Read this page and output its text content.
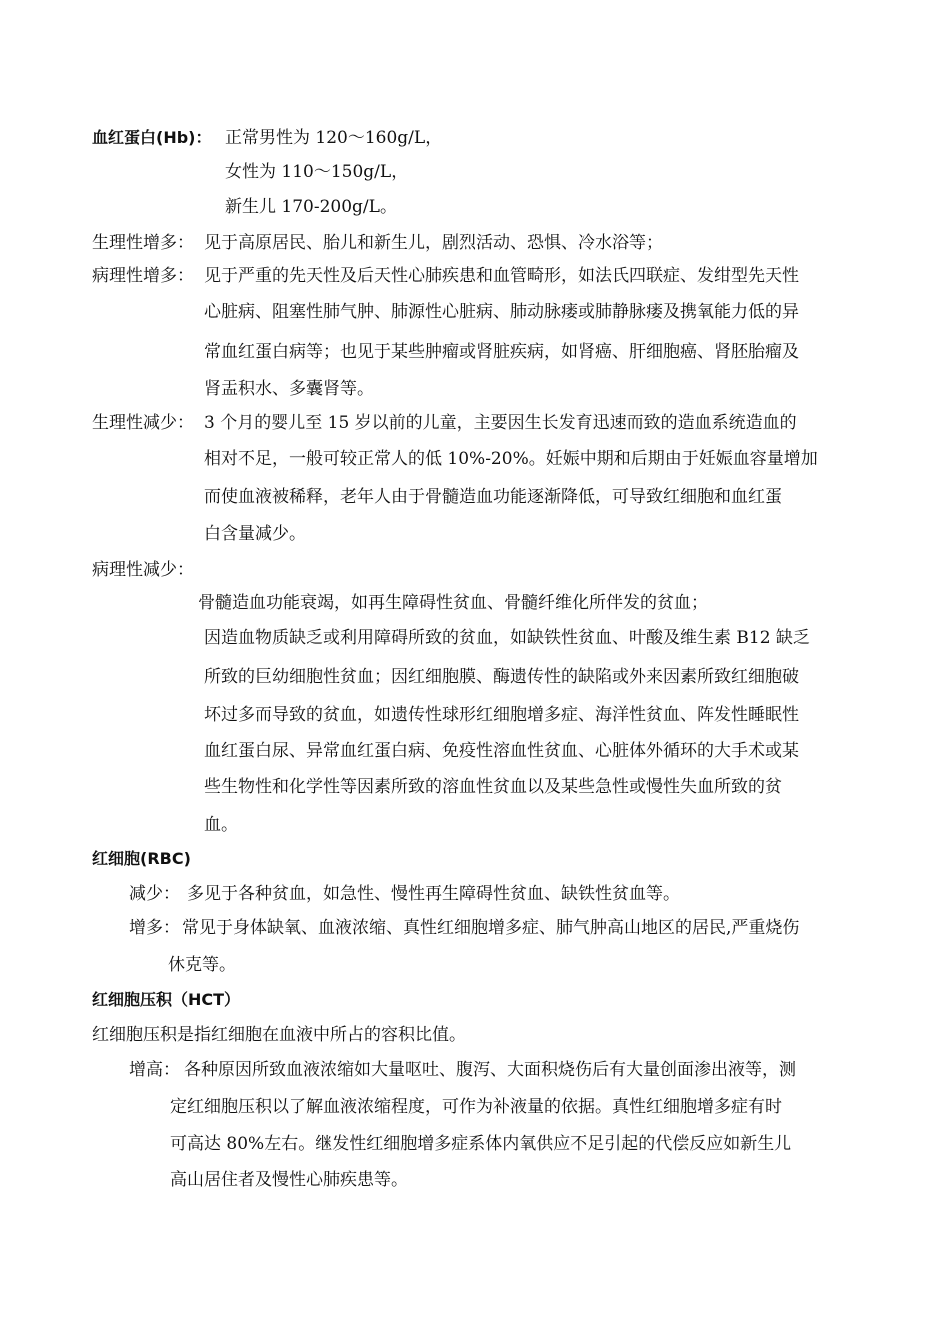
血红蛋白(Hb)： 正常男性为 120～160g/L，
女性为 110～150g/L，
新生儿 170-200g/L。
生理性增多： 见于高原居民、胎儿和新生儿，剧烈活动、恐惧、冷水浴等；
病理性增多： 见于严重的先天性及后天性心肺疾患和血管畸形，如法氏四联症、发绀型先天性
心脏病、阻塞性肺气肿、肺源性心脏病、肺动脉瘘或肺静脉瘘及携氧能力低的异
常血红蛋白病等；也见于某些肿瘤或肾脏疾病，如肾癌、肝细胞癌、肾胚胎瘤及
肾盂积水、多囊肾等。
生理性减少： 3 个月的婴儿至 15 岁以前的儿童，主要因生长发育迅速而致的造血系统造血的
相对不足，一般可较正常人的低 10%-20%。妊娠中期和后期由于妊娠血容量增加
而使血液被稀释，老年人由于骨髓造血功能逐渐降低，可导致红细胞和血红蛋
白含量减少。
病理性减少：
骨髓造血功能衰竭，如再生障碍性贫血、骨髓纤维化所伴发的贫血；
因造血物质缺乏或利用障碍所致的贫血，如缺铁性贫血、叶酸及维生素 B12 缺乏
所致的巨幼细胞性贫血；因红细胞膜、酶遗传性的缺陷或外来因素所致红细胞破
坏过多而导致的贫血，如遗传性球形红细胞增多症、海洋性贫血、阵发性睡眠性
血红蛋白尿、异常血红蛋白病、免疫性溶血性贫血、心脏体外循环的大手术或某
些生物性和化学性等因素所致的溶血性贫血以及某些急性或慢性失血所致的贫
血。
红细胞(RBC)
减少： 多见于各种贫血，如急性、慢性再生障碍性贫血、缺铁性贫血等。
增多： 常见于身体缺氧、血液浓缩、真性红细胞增多症、肺气肿高山地区的居民,严重烧伤
休克等。
红细胞压积（HCT）
红细胞压积是指红细胞在血液中所占的容积比值。
增高： 各种原因所致血液浓缩如大量呕吐、腹泻、大面积烧伤后有大量创面渗出液等，测
定红细胞压积以了解血液浓缩程度，可作为补液量的依据。真性红细胞增多症有时
可高达 80%左右。继发性红细胞增多症系体内氧供应不足引起的代偿反应如新生儿
高山居住者及慢性心肺疾患等。
